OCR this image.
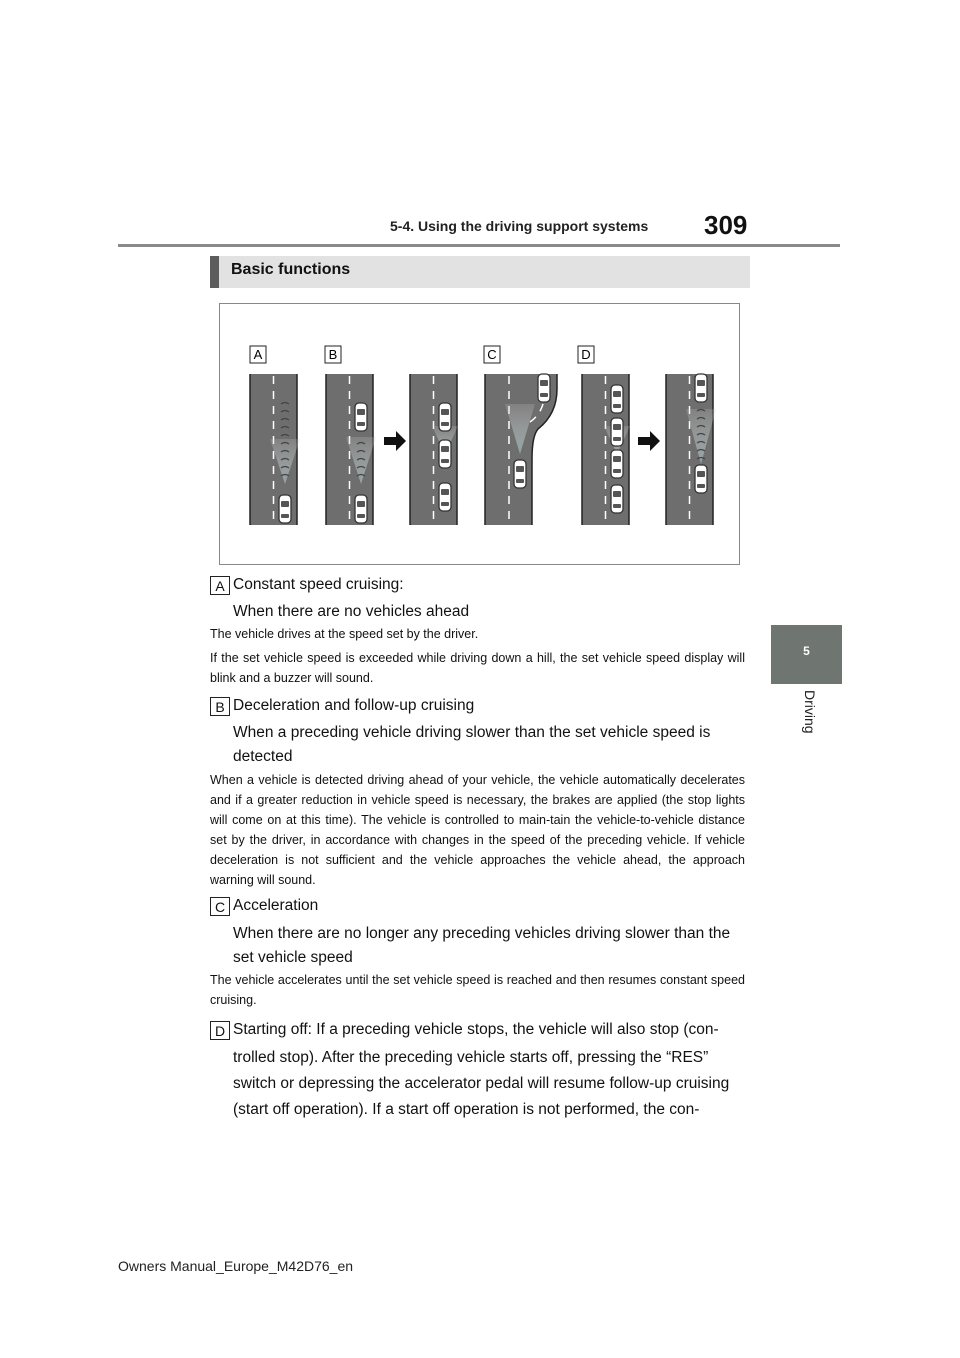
5-4. Using the driving support systems 309
5
Driving
Basic functions
A	B	C	D
A Constant speed cruising:
When there are no vehicles ahead
The vehicle drives at the speed set by the driver.
If the set vehicle speed is exceeded while driving down a hill, the set vehicle speed display will blink and a buzzer will sound.
B Deceleration and follow-up cruising
When a preceding vehicle driving slower than the set vehicle speed is
detected
When a vehicle is detected driving ahead of your vehicle, the vehicle automatically decelerates and if a greater reduction in vehicle speed is necessary, the brakes are applied (the stop lights will come on at this time). The vehicle is controlled to main-tain the vehicle-to-vehicle distance set by the driver, in accordance with changes in the speed of the preceding vehicle. If vehicle deceleration is not sufficient and the vehicle approaches the vehicle ahead, the approach warning will sound.
C Acceleration
When there are no longer any preceding vehicles driving slower than the
set vehicle speed
The vehicle accelerates until the set vehicle speed is reached and then resumes constant speed cruising.
D Starting off: If a preceding vehicle stops, the vehicle will also stop (con-
trolled stop). After the preceding vehicle starts off, pressing the “RES”
switch or depressing the accelerator pedal will resume follow-up cruising
(start off operation). If a start off operation is not performed, the con-
Owners Manual_Europe_M42D76_en
